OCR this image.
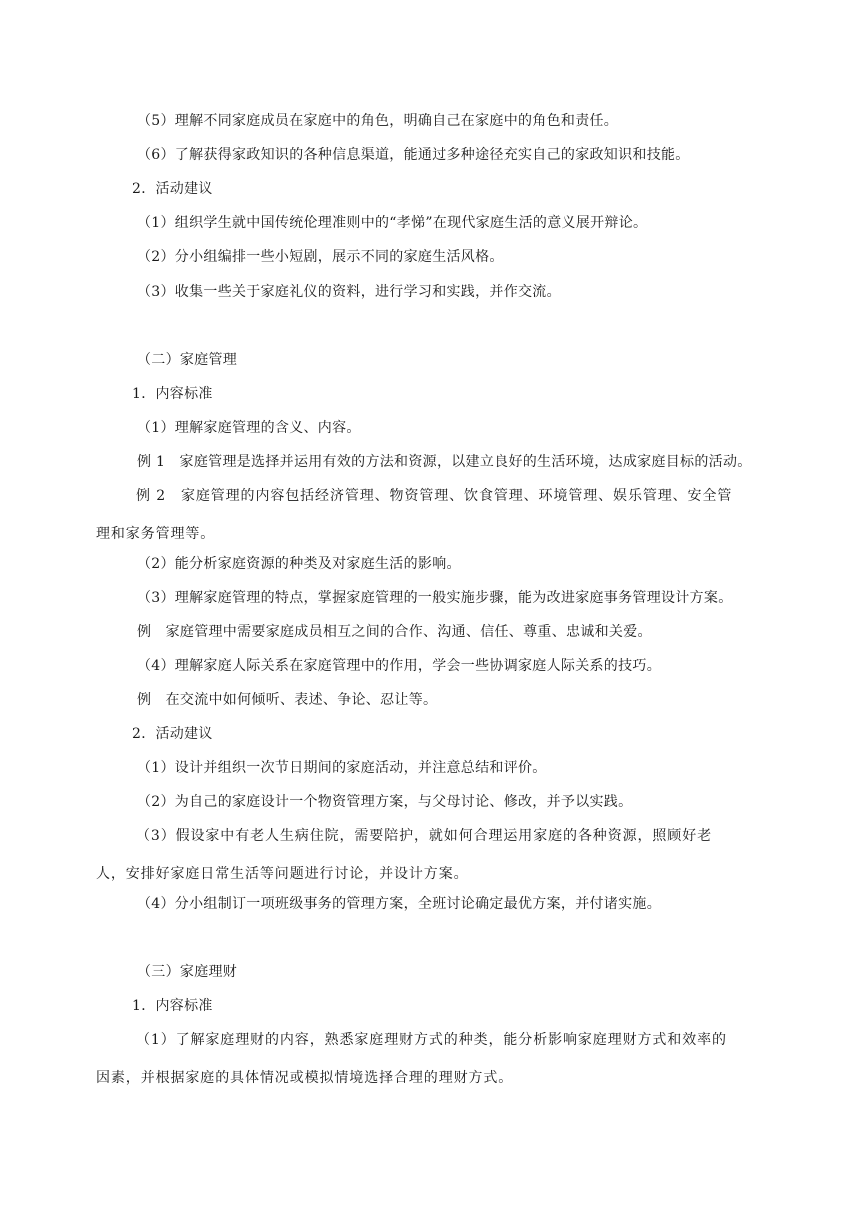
（5）理解不同家庭成员在家庭中的角色，明确自己在家庭中的角色和责任。

（6）了解获得家政知识的各种信息渠道，能通过多种途径充实自己的家政知识和技能。

2．活动建议

（1）组织学生就中国传统伦理准则中的“孝悌”在现代家庭生活的意义展开辩论。

（2）分小组编排一些小短剧，展示不同的家庭生活风格。

（3）收集一些关于家庭礼仪的资料，进行学习和实践，并作交流。

（二）家庭管理

1．内容标准

（1）理解家庭管理的含义、内容。

例 1　家庭管理是选择并运用有效的方法和资源，以建立良好的生活环境，达成家庭目标的活动。

例 2　家庭管理的内容包括经济管理、物资管理、饮食管理、环境管理、娱乐管理、安全管理和家务管理等。

（2）能分析家庭资源的种类及对家庭生活的影响。

（3）理解家庭管理的特点，掌握家庭管理的一般实施步骤，能为改进家庭事务管理设计方案。

例　家庭管理中需要家庭成员相互之间的合作、沟通、信任、尊重、忠诚和关爱。

（4）理解家庭人际关系在家庭管理中的作用，学会一些协调家庭人际关系的技巧。

例　在交流中如何倾听、表述、争论、忍让等。

2．活动建议

（1）设计并组织一次节日期间的家庭活动，并注意总结和评价。

（2）为自己的家庭设计一个物资管理方案，与父母讨论、修改，并予以实践。

（3）假设家中有老人生病住院，需要陪护，就如何合理运用家庭的各种资源，照顾好老人，安排好家庭日常生活等问题进行讨论，并设计方案。

（4）分小组制订一项班级事务的管理方案，全班讨论确定最优方案，并付诸实施。

（三）家庭理财

1．内容标准

（1）了解家庭理财的内容，熟悉家庭理财方式的种类，能分析影响家庭理财方式和效率的因素，并根据家庭的具体情况或模拟情境选择合理的理财方式。
